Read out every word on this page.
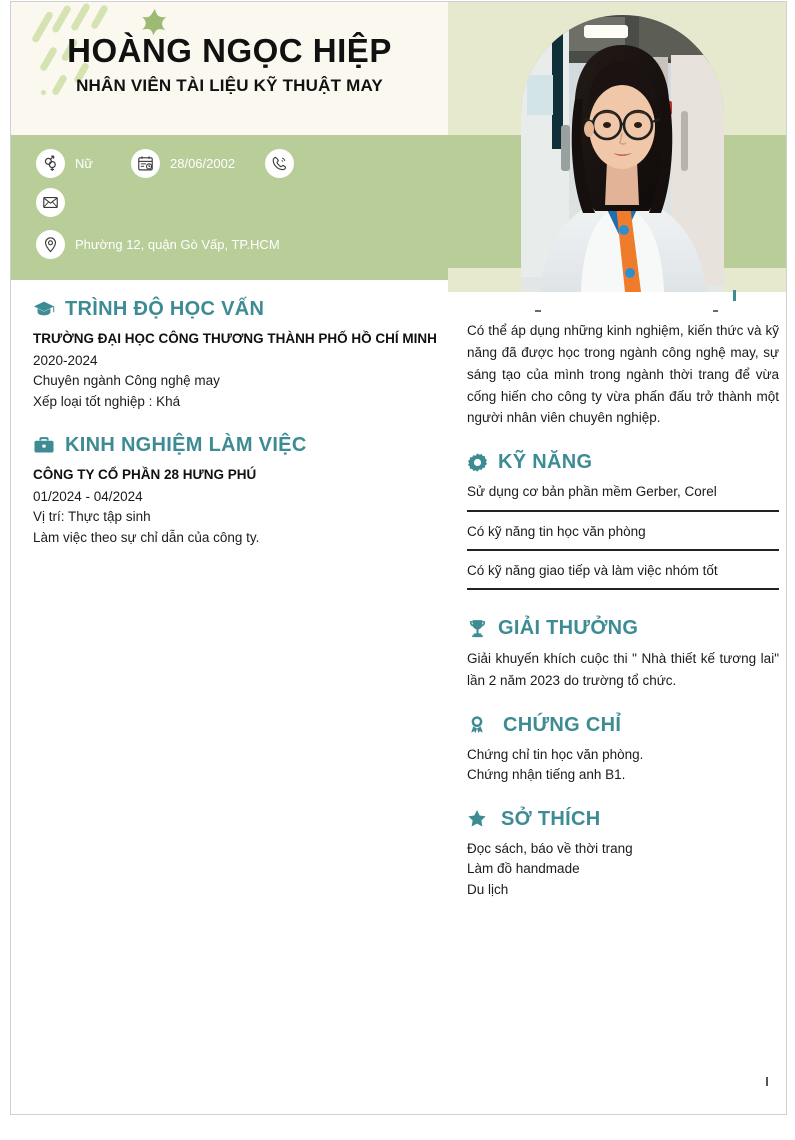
HOÀNG NGỌC HIỆP
NHÂN VIÊN TÀI LIỆU KỸ THUẬT MAY
Nữ	28/06/2002
Phường 12, quận Gò Vấp, TP.HCM
TRÌNH ĐỘ HỌC VẤN

TRƯỜNG ĐẠI HỌC CÔNG THƯƠNG THÀNH PHỐ HỒ CHÍ MINH

2020-2024

Chuyên ngành Công nghệ may

Xếp loại tốt nghiệp : Khá

KINH NGHIỆM LÀM VIỆC

CÔNG TY CỔ PHẦN 28 HƯNG PHÚ

01/2024 - 04/2024

Vị trí: Thực tập sinh

Làm việc theo sự chỉ dẫn của công ty.

Có thể áp dụng những kinh nghiệm, kiến thức và kỹ năng đã được học trong ngành công nghệ may, sự sáng tạo của mình trong ngành thời trang để vừa cống hiến cho công ty vừa phấn đấu trở thành một người nhân viên chuyên nghiệp.

KỸ NĂNG
Sử dụng cơ bản phần mềm Gerber, Corel
Có kỹ năng tin học văn phòng
Có kỹ năng giao tiếp và làm việc nhóm tốt
GIẢI THƯỞNG

Giải khuyến khích cuộc thi " Nhà thiết kế tương lai" lần 2 năm 2023 do trường tổ chức.

CHỨNG CHỈ

Chứng chỉ tin học văn phòng.

Chứng nhận tiếng anh B1.

SỞ THÍCH

Đọc sách, báo về thời trang

Làm đồ handmade

Du lịch
